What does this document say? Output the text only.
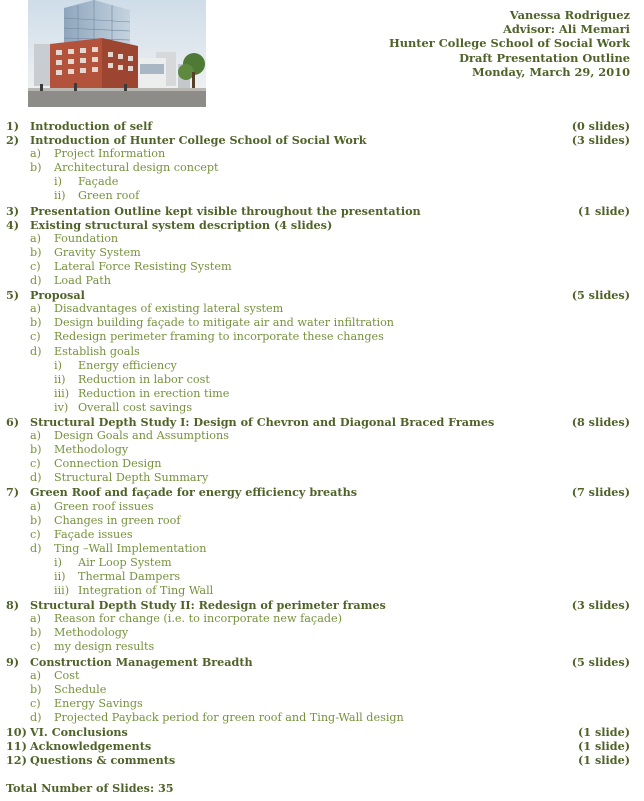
Vanessa Rodriguez
Advisor: Ali Memari
Hunter College School of Social Work
Draft Presentation Outline
Monday, March 29, 2010
1) Introduction of self	(0 slides)
2) Introduction of Hunter College School of Social Work	(3 slides)
a) Project Information
b) Architectural design concept
i) Façade
ii) Green roof
3) Presentation Outline kept visible throughout the presentation	(1 slide)
4) Existing structural system description (4 slides)
a) Foundation
b) Gravity System
c) Lateral Force Resisting System
d) Load Path
5) Proposal	(5 slides)
a) Disadvantages of existing lateral system
b) Design building façade to mitigate air and water infiltration
c) Redesign perimeter framing to incorporate these changes
d) Establish goals
i) Energy efficiency
ii) Reduction in labor cost
iii) Reduction in erection time
iv) Overall cost savings
6) Structural Depth Study I: Design of Chevron and Diagonal Braced Frames	(8 slides)
a) Design Goals and Assumptions
b) Methodology
c) Connection Design
d) Structural Depth Summary
7) Green Roof and façade for energy efficiency breaths	(7 slides)
a) Green roof issues
b) Changes in green roof
c) Façade issues
d) Ting –Wall Implementation
i) Air Loop System
ii) Thermal Dampers
iii) Integration of Ting Wall
8) Structural Depth Study II: Redesign of perimeter frames	(3 slides)
a) Reason for change (i.e. to incorporate new façade)
b) Methodology
c) my design results
9) Construction Management Breadth	(5 slides)
a) Cost
b) Schedule
c) Energy Savings
d) Projected Payback period for green roof and Ting-Wall design
10) VI. Conclusions	(1 slide)
11) Acknowledgements	(1 slide)
12) Questions & comments	(1 slide)
Total Number of Slides: 35
